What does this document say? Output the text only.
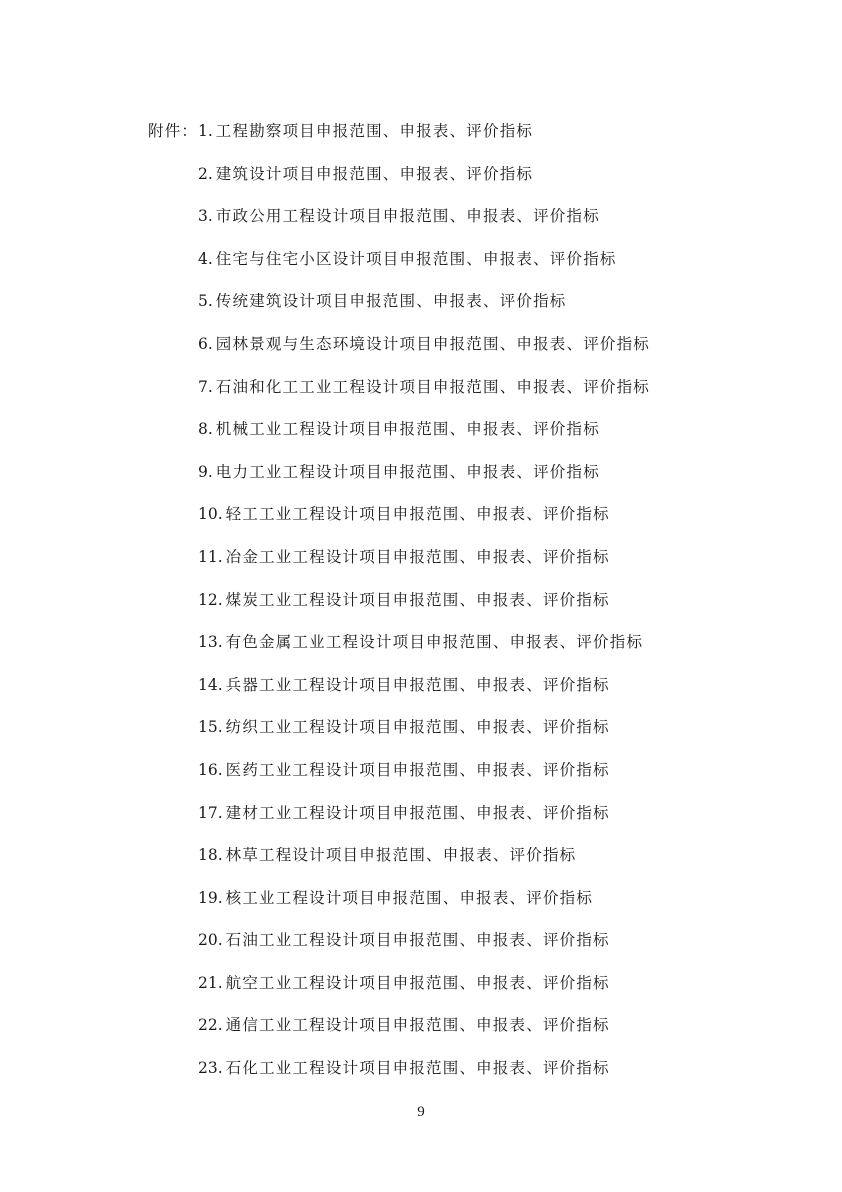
附件： 1. 工程勘察项目申报范围、申报表、评价指标
2. 建筑设计项目申报范围、申报表、评价指标
3. 市政公用工程设计项目申报范围、申报表、评价指标
4. 住宅与住宅小区设计项目申报范围、申报表、评价指标
5. 传统建筑设计项目申报范围、申报表、评价指标
6. 园林景观与生态环境设计项目申报范围、申报表、评价指标
7. 石油和化工工业工程设计项目申报范围、申报表、评价指标
8. 机械工业工程设计项目申报范围、申报表、评价指标
9. 电力工业工程设计项目申报范围、申报表、评价指标
10. 轻工工业工程设计项目申报范围、申报表、评价指标
11. 冶金工业工程设计项目申报范围、申报表、评价指标
12. 煤炭工业工程设计项目申报范围、申报表、评价指标
13. 有色金属工业工程设计项目申报范围、申报表、评价指标
14. 兵器工业工程设计项目申报范围、申报表、评价指标
15. 纺织工业工程设计项目申报范围、申报表、评价指标
16. 医药工业工程设计项目申报范围、申报表、评价指标
17. 建材工业工程设计项目申报范围、申报表、评价指标
18. 林草工程设计项目申报范围、申报表、评价指标
19. 核工业工程设计项目申报范围、申报表、评价指标
20. 石油工业工程设计项目申报范围、申报表、评价指标
21. 航空工业工程设计项目申报范围、申报表、评价指标
22. 通信工业工程设计项目申报范围、申报表、评价指标
23. 石化工业工程设计项目申报范围、申报表、评价指标
9
